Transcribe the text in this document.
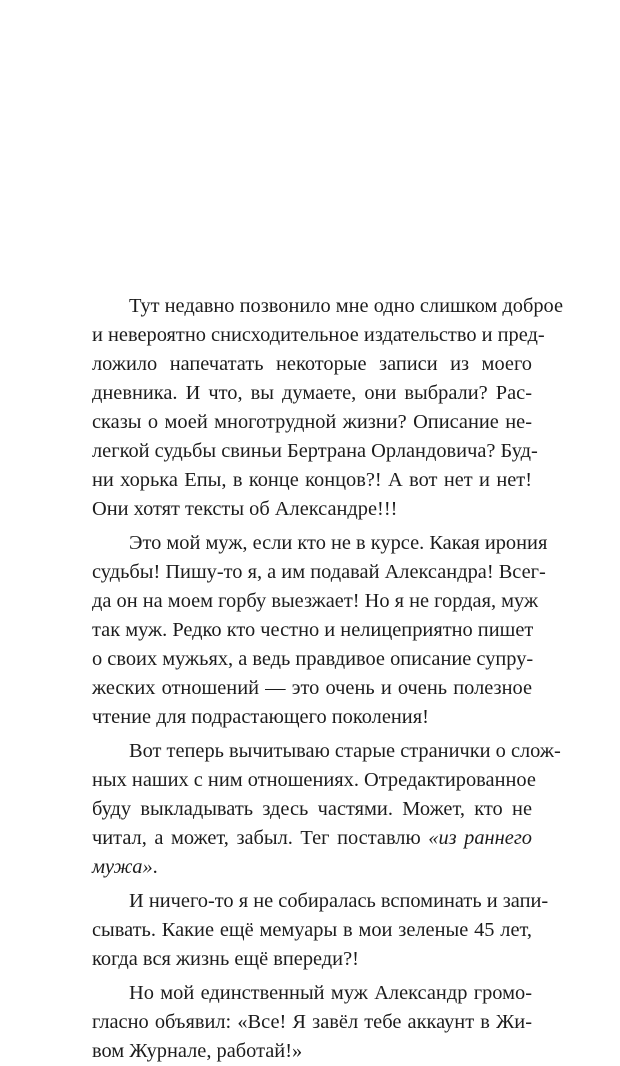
Тут недавно позвонило мне одно слишком доброе
и невероятно снисходительное издательство и пред-
ложило напечатать некоторые записи из моего
дневника. И что, вы думаете, они выбрали? Рас-
сказы о моей многотрудной жизни? Описание не-
легкой судьбы свиньи Бертрана Орландовича? Буд-
ни хорька Епы, в конце концов?! А вот нет и нет!
Они хотят тексты об Александре!!!
Это мой муж, если кто не в курсе. Какая ирония
судьбы! Пишу-то я, а им подавай Александра! Всег-
да он на моем горбу выезжает! Но я не гордая, муж
так муж. Редко кто честно и нелицеприятно пишет
о своих мужьях, а ведь правдивое описание супру-
жеских отношений — это очень и очень полезное
чтение для подрастающего поколения!
Вот теперь вычитываю старые странички о слож-
ных наших с ним отношениях. Отредактированное
буду выкладывать здесь частями. Может, кто не
читал, а может, забыл. Тег поставлю «из раннего
мужа».
И ничего-то я не собиралась вспоминать и запи-
сывать. Какие ещё мемуары в мои зеленые 45 лет,
когда вся жизнь ещё впереди?!
Но мой единственный муж Александр громо-
гласно объявил: «Все! Я завёл тебе аккаунт в Жи-
вом Журнале, работай!»
